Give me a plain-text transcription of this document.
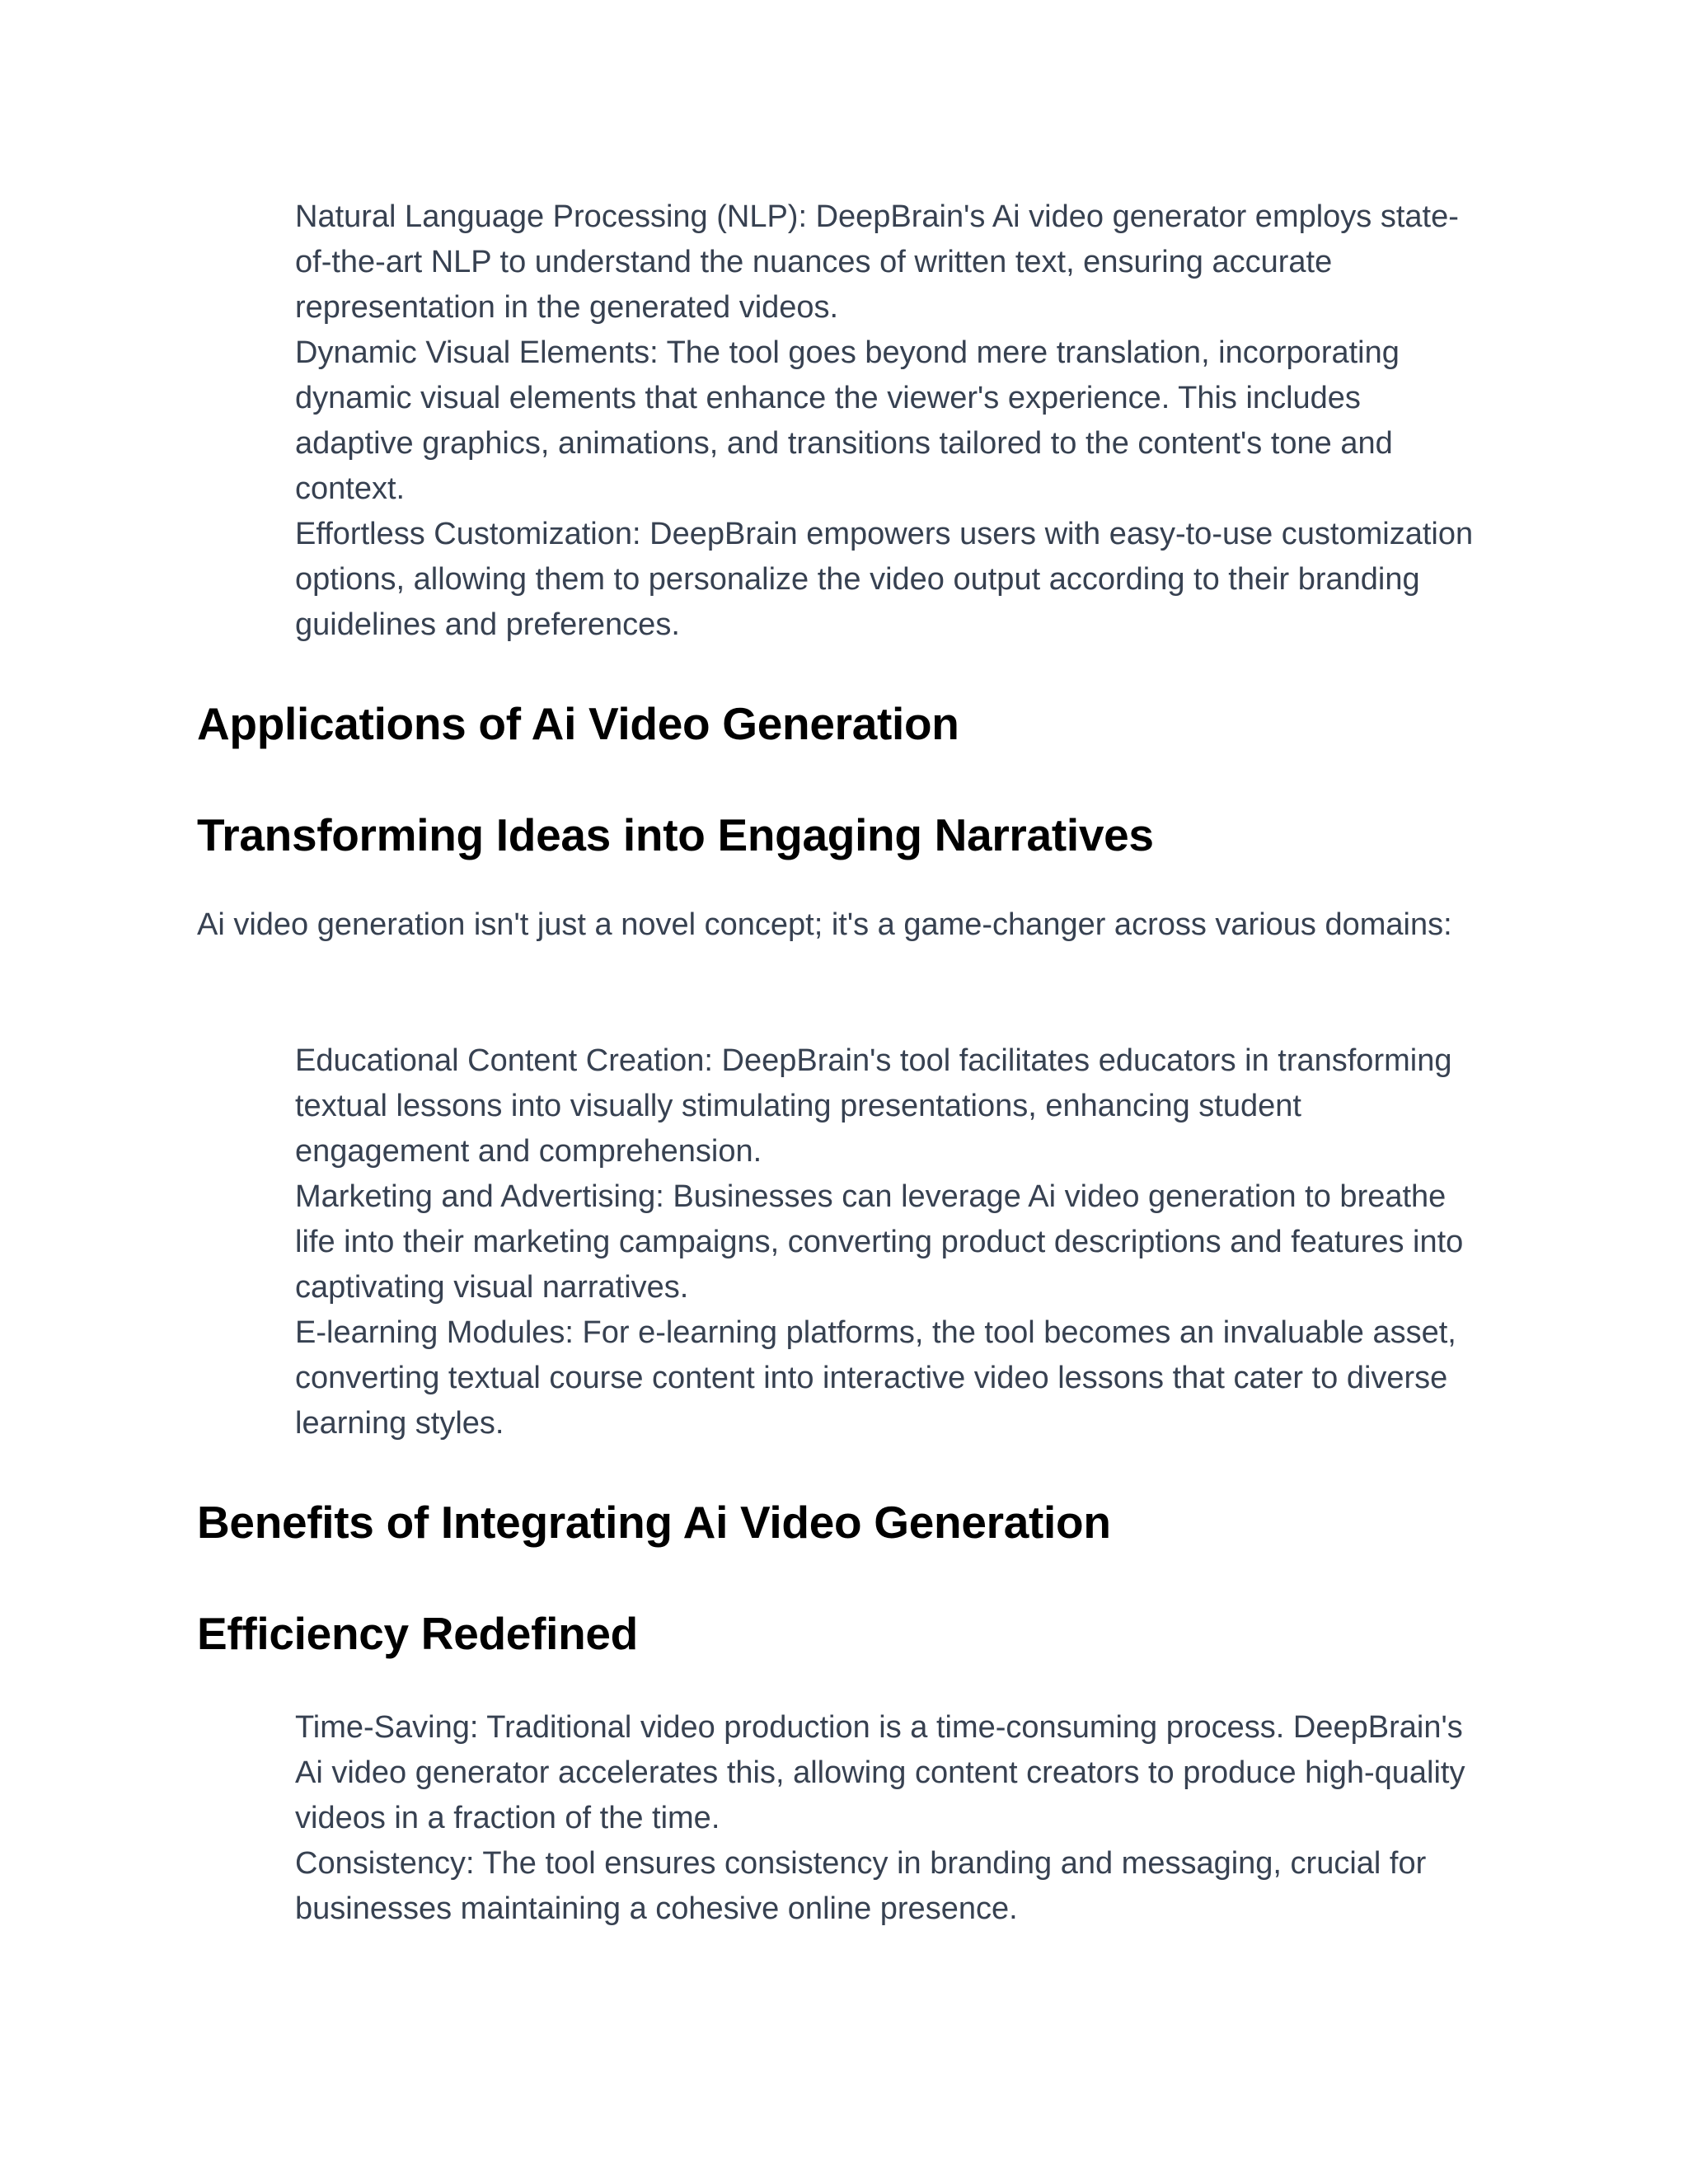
Natural Language Processing (NLP): DeepBrain's Ai video generator employs state-of-the-art NLP to understand the nuances of written text, ensuring accurate representation in the generated videos.
Dynamic Visual Elements: The tool goes beyond mere translation, incorporating dynamic visual elements that enhance the viewer's experience. This includes adaptive graphics, animations, and transitions tailored to the content's tone and context.
Effortless Customization: DeepBrain empowers users with easy-to-use customization options, allowing them to personalize the video output according to their branding guidelines and preferences.
Applications of Ai Video Generation
Transforming Ideas into Engaging Narratives

Ai video generation isn't just a novel concept; it's a game-changer across various domains:

Educational Content Creation: DeepBrain's tool facilitates educators in transforming textual lessons into visually stimulating presentations, enhancing student engagement and comprehension.
Marketing and Advertising: Businesses can leverage Ai video generation to breathe life into their marketing campaigns, converting product descriptions and features into captivating visual narratives.
E-learning Modules: For e-learning platforms, the tool becomes an invaluable asset, converting textual course content into interactive video lessons that cater to diverse learning styles.
Benefits of Integrating Ai Video Generation
Efficiency Redefined
Time-Saving: Traditional video production is a time-consuming process. DeepBrain's Ai video generator accelerates this, allowing content creators to produce high-quality videos in a fraction of the time.
Consistency: The tool ensures consistency in branding and messaging, crucial for businesses maintaining a cohesive online presence.
